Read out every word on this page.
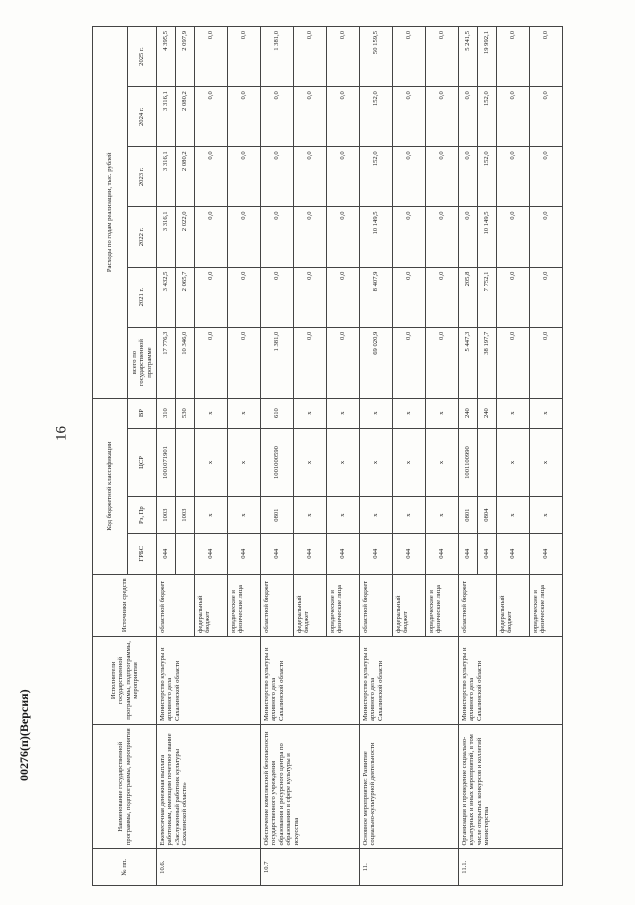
16
00276(п)(Версия)
№ пп.	Наименование государственной программы, подпрограммы, мероприятия	Исполнители государственной программы, подпрограммы, мероприятия	Источники средств	Код бюджетной классификации				Расходы по годам реализации, тыс. рублей					
				ГРБС	Рз, Пр	ЦСР	ВР	всего по государственной программе	2021 г.	2022 г.	2023 г.	2024 г.	2025 г.

10.6.	Ежемесячная денежная выплата работникам, имеющим почетное звание «Заслуженный работник культуры Сахалинской области»	Министерство культуры и архивного дела Сахалинской области	областной бюджет	044	1003	1001071901	310	17 776,3	3 432,5	3 316,1	3 316,1	3 316,1	4 395,5
					1003		530	10 346,0	2 065,7	2 022,0	2 080,2	2 080,2	2 097,9
			федеральный бюджет	044	х	х	х	0,0	0,0	0,0	0,0	0,0	0,0
			юридические и физические лица	044	х	х	х	0,0	0,0	0,0	0,0	0,0	0,0
10.7	Обеспечение комплексной безопасности государственного учреждения образования и ресурсного центра по образованию в сфере культуры и искусства	Министерство культуры и архивного дела Сахалинской области	областной бюджет	044	0801	1001000590	610	1 381,0	0,0	0,0	0,0	0,0	1 381,0
			федеральный бюджет	044	х	х	х	0,0	0,0	0,0	0,0	0,0	0,0
			юридические и физические лица	044	х	х	х	0,0	0,0	0,0	0,0	0,0	0,0
11.	Основное мероприятие: Развитие социально-культурной деятельности	Министерство культуры и архивного дела Сахалинской области	областной бюджет	044	х	х	х	69 020,9	8 407,9	10 149,5	152,0	152,0	50 159,5
			федеральный бюджет	044	х	х	х	0,0	0,0	0,0	0,0	0,0	0,0
			юридические и физические лица	044	х	х	х	0,0	0,0	0,0	0,0	0,0	0,0
11.1.	Организация и проведение социально-культурных и иных мероприятий, в том числе открытых конкурсов и коллегий министерства	Министерство культуры и архивного дела Сахалинской области	областной бюджет	044	0801	1001100990	240	5 447,3	205,8	0,0	0,0	0,0	5 241,5
				044	0804		240	38 197,7	7 752,1	10 149,5	152,0	152,0	19 992,1
			федеральный бюджет	044	х	х	х	0,0	0,0	0,0	0,0	0,0	0,0
			юридические и физические лица	044	х	х	х	0,0	0,0	0,0	0,0	0,0	0,0
